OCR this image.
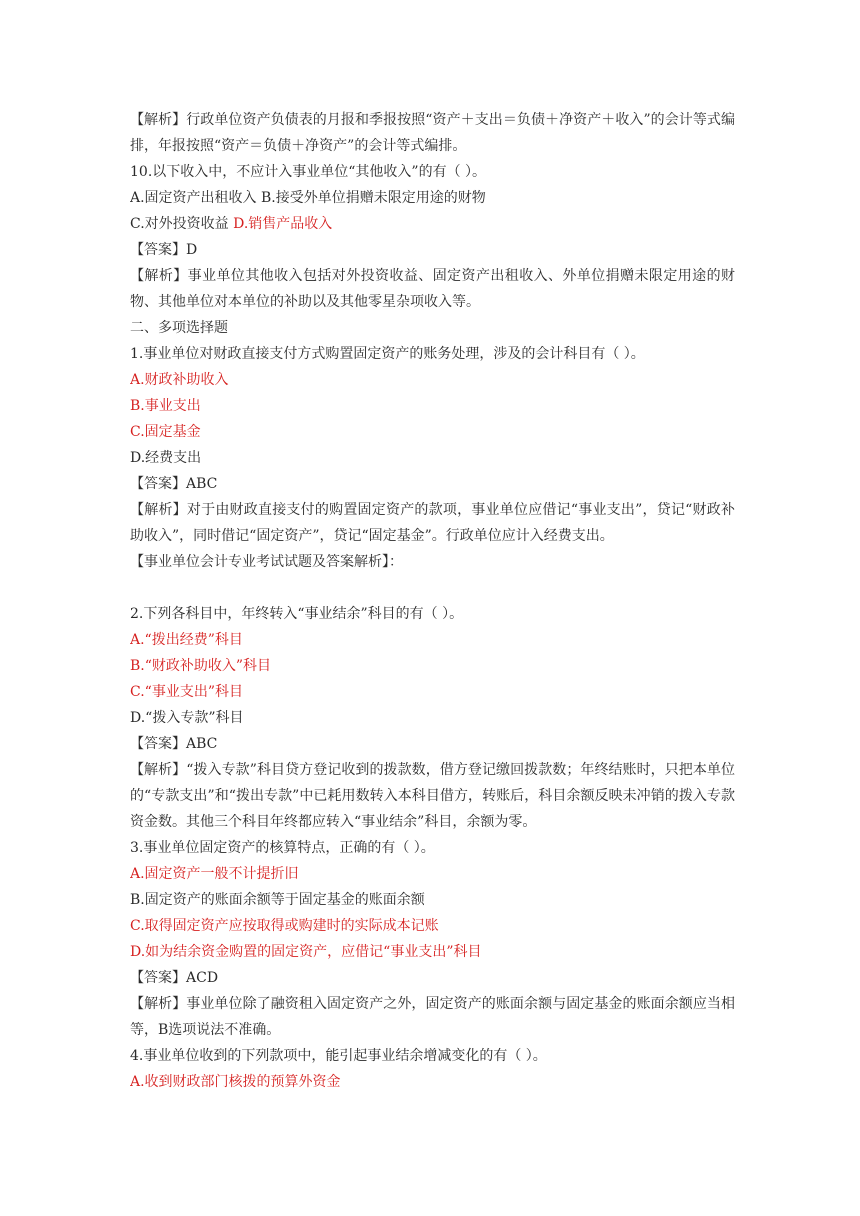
【解析】行政单位资产负债表的月报和季报按照“资产＋支出＝负债＋净资产＋收入”的会计等式编排，年报按照“资产＝负债＋净资产”的会计等式编排。
10.以下收入中，不应计入事业单位“其他收入”的有（ ）。
A.固定资产出租收入 B.接受外单位捐赠未限定用途的财物
C.对外投资收益 D.销售产品收入
【答案】D
【解析】事业单位其他收入包括对外投资收益、固定资产出租收入、外单位捐赠未限定用途的财物、其他单位对本单位的补助以及其他零星杂项收入等。
二、多项选择题
1.事业单位对财政直接支付方式购置固定资产的账务处理，涉及的会计科目有（ ）。
A.财政补助收入
B.事业支出
C.固定基金
D.经费支出
【答案】ABC
【解析】对于由财政直接支付的购置固定资产的款项，事业单位应借记“事业支出”，贷记“财政补助收入”，同时借记“固定资产”，贷记“固定基金”。行政单位应计入经费支出。
【事业单位会计专业考试试题及答案解析】：
2.下列各科目中，年终转入“事业结余”科目的有（ ）。
A.“拨出经费”科目
B.“财政补助收入”科目
C.“事业支出”科目
D.“拨入专款”科目
【答案】ABC
【解析】“拨入专款”科目贷方登记收到的拨款数，借方登记缴回拨款数；年终结账时，只把本单位的“专款支出”和“拨出专款”中已耗用数转入本科目借方，转账后，科目余额反映未冲销的拨入专款资金数。其他三个科目年终都应转入“事业结余”科目，余额为零。
3.事业单位固定资产的核算特点，正确的有（ ）。
A.固定资产一般不计提折旧
B.固定资产的账面余额等于固定基金的账面余额
C.取得固定资产应按取得或购建时的实际成本记账
D.如为结余资金购置的固定资产，应借记“事业支出”科目
【答案】ACD
【解析】事业单位除了融资租入固定资产之外，固定资产的账面余额与固定基金的账面余额应当相等，B选项说法不准确。
4.事业单位收到的下列款项中，能引起事业结余增减变化的有（ ）。
A.收到财政部门核拨的预算外资金
